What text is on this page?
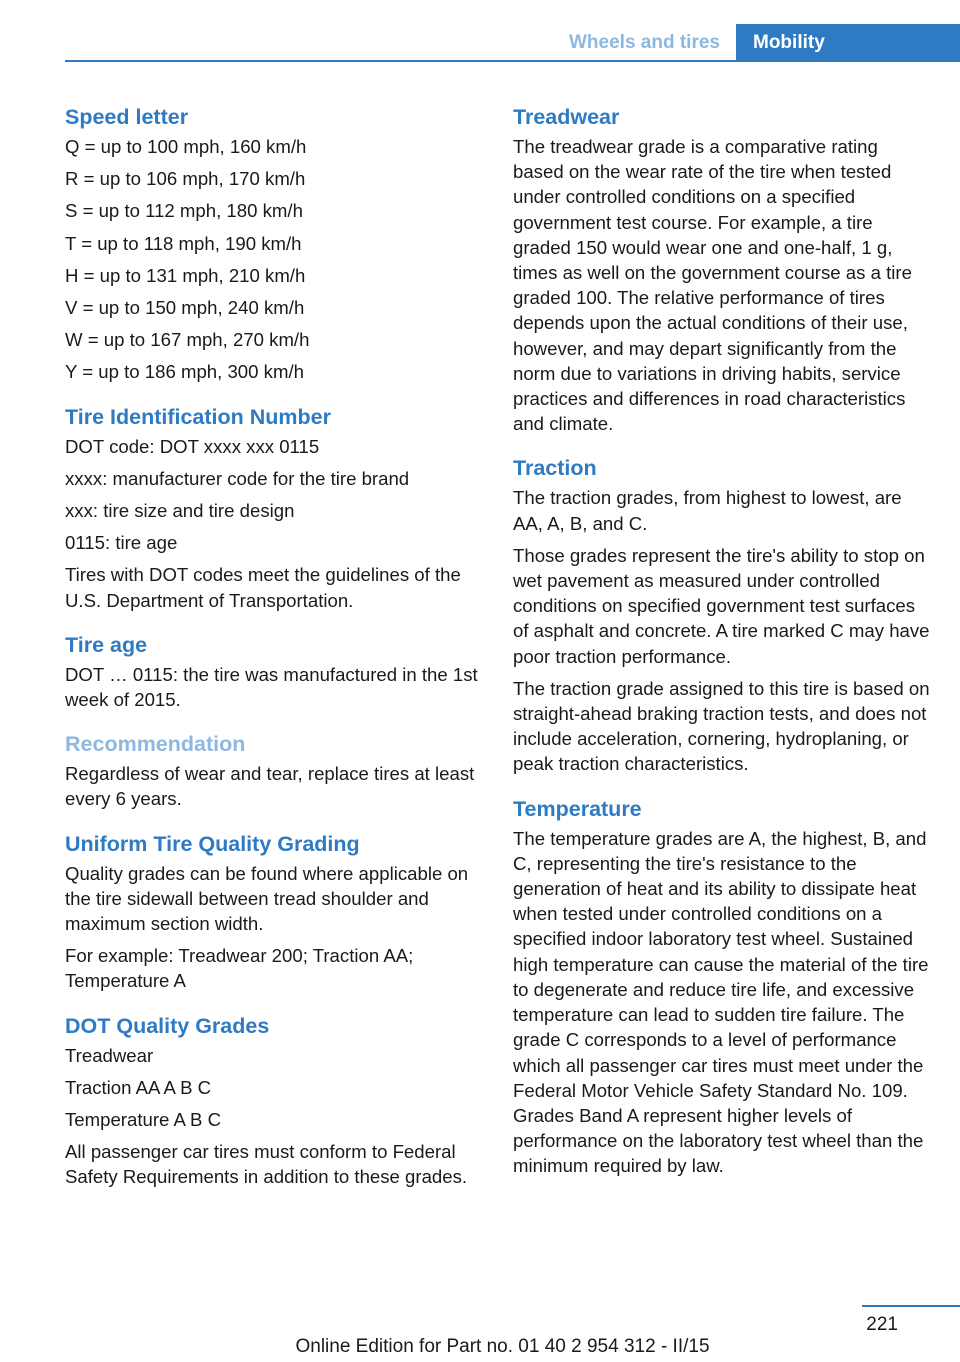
Wheels and tires	Mobility
Speed letter
Q = up to 100 mph, 160 km/h
R = up to 106 mph, 170 km/h
S = up to 112 mph, 180 km/h
T = up to 118 mph, 190 km/h
H = up to 131 mph, 210 km/h
V = up to 150 mph, 240 km/h
W = up to 167 mph, 270 km/h
Y = up to 186 mph, 300 km/h
Tire Identification Number
DOT code: DOT xxxx xxx 0115
xxxx: manufacturer code for the tire brand
xxx: tire size and tire design
0115: tire age
Tires with DOT codes meet the guidelines of the U.S. Department of Transportation.
Tire age
DOT … 0115: the tire was manufactured in the 1st week of 2015.
Recommendation
Regardless of wear and tear, replace tires at least every 6 years.
Uniform Tire Quality Grading
Quality grades can be found where applicable on the tire sidewall between tread shoulder and maximum section width.
For example: Treadwear 200; Traction AA; Temperature A
DOT Quality Grades
Treadwear
Traction AA A B C
Temperature A B C
All passenger car tires must conform to Federal Safety Requirements in addition to these grades.
Treadwear
The treadwear grade is a comparative rating based on the wear rate of the tire when tested under controlled conditions on a specified government test course. For example, a tire graded 150 would wear one and one-half, 1 g, times as well on the government course as a tire graded 100. The relative performance of tires depends upon the actual conditions of their use, however, and may depart significantly from the norm due to variations in driving habits, service practices and differences in road characteristics and climate.
Traction
The traction grades, from highest to lowest, are AA, A, B, and C.
Those grades represent the tire's ability to stop on wet pavement as measured under controlled conditions on specified government test surfaces of asphalt and concrete. A tire marked C may have poor traction performance.
The traction grade assigned to this tire is based on straight-ahead braking traction tests, and does not include acceleration, cornering, hydroplaning, or peak traction characteristics.
Temperature
The temperature grades are A, the highest, B, and C, representing the tire's resistance to the generation of heat and its ability to dissipate heat when tested under controlled conditions on a specified indoor laboratory test wheel. Sustained high temperature can cause the material of the tire to degenerate and reduce tire life, and excessive temperature can lead to sudden tire failure. The grade C corresponds to a level of performance which all passenger car tires must meet under the Federal Motor Vehicle Safety Standard No. 109. Grades Band A represent higher levels of performance on the laboratory test wheel than the minimum required by law.
221
Online Edition for Part no. 01 40 2 954 312 - II/15
